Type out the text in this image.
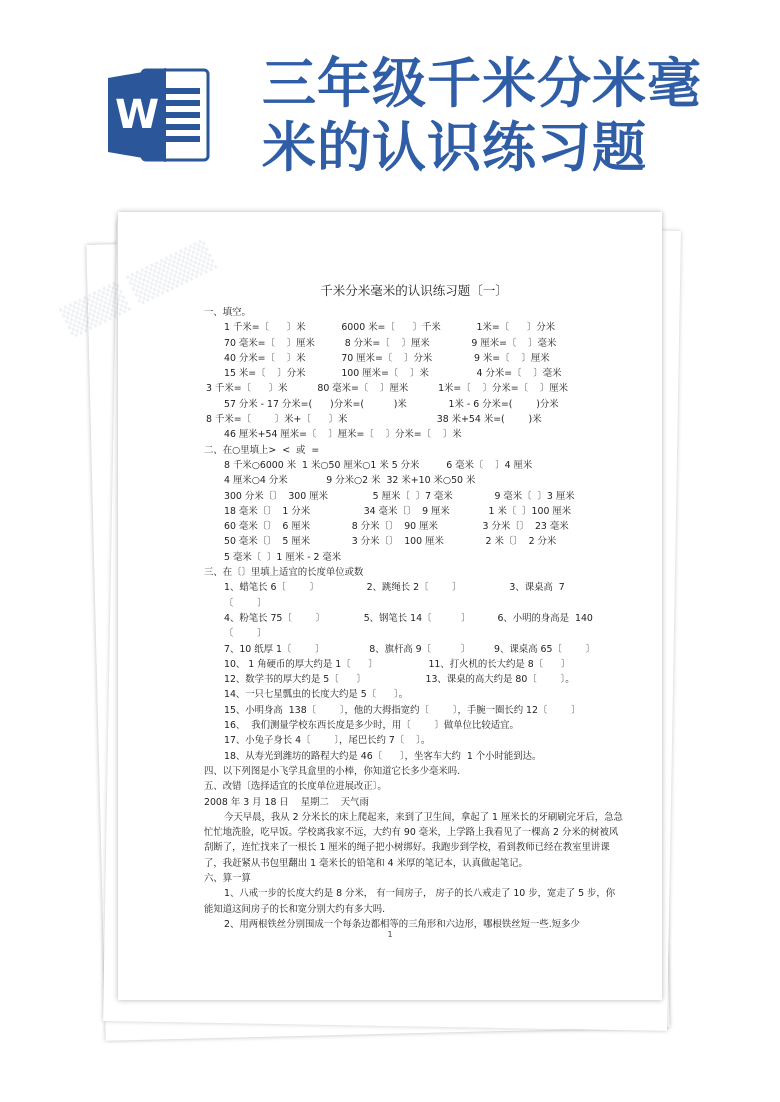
W 三年级千米分米毫
米的认识练习题
▒▒▒ ▒▒▒▒	千米分米毫米的认识练习题〔一〕
一、填空。
1 千米=〔      〕米            6000 米=〔      〕千米            1米=〔      〕分米
70 毫米=〔    〕厘米          8 分米=〔    〕厘米              9 厘米=〔    〕毫米
40 分米=〔    〕米            70 厘米=〔    〕分米              9 米=〔    〕厘米
15 米=〔    〕分米            100 厘米=〔    〕米                4 分米=〔    〕毫米
3 千米=〔      〕米          80 毫米=〔    〕厘米          1米=〔    〕分米=〔    〕厘米
57 分米 - 17 分米=(      )分米=(          )米              1米 - 6 分米=(        )分米
8 千米=〔        〕米+〔      〕米                              38 米+54 米=(        )米
46 厘米+54 厘米=〔    〕厘米=〔    〕分米=〔    〕米
二、在○里填上>  <  或  =
8 千米○6000 米  1 米○50 厘米○1 米 5 分米         6 毫米〔    〕4 厘米
4 厘米○4 分米             9 分米○2 米  32 米+10 米○50 米
300 分米〔〕  300 厘米               5 厘米〔  〕7 毫米              9 毫米〔  〕3 厘米
18 毫米〔〕  1 分米                  34 毫米〔〕  9 厘米             1 米〔  〕100 厘米
60 毫米〔〕  6 厘米              8 分米〔〕  90 厘米               3 分米〔〕  23 毫米
50 毫米〔〕  5 厘米              3 分米〔〕  100 厘米              2 米〔〕  2 分米
5 毫米〔  〕1 厘米 - 2 毫米
三、在〔〕里填上适宜的长度单位或数
1、蜡笔长 6〔        〕                2、跳绳长 2〔        〕                3、课桌高  7
〔        〕
4、粉笔长 75〔        〕             5、钢笔长 14〔          〕         6、小明的身高是  140
〔        〕
7、10 纸厚 1〔        〕               8、旗杆高 9〔          〕        9、课桌高 65〔        〕
10、 1 角硬币的厚大约是 1〔      〕                 11、打火机的长大约是 8〔      〕
12、数学书的厚大约是 5〔      〕                    13、课桌的高大约是 80〔        〕。
14、一只七星瓢虫的长度大约是 5〔      〕。
15、小明身高  138〔        〕，他的大拇指宽约〔        〕，手腕一圈长约 12〔        〕
16、  我们测量学校东西长度是多少时，用〔        〕做单位比较适宜。
17、小兔子身长 4〔        〕，尾巴长约 7〔    〕。
18、从寿光到潍坊的路程大约是 46〔      〕，坐客车大约  1 个小时能到达。
四、以下列图是小飞学具盒里的小棒，你知道它长多少毫米吗.
五、改错〔选择适宜的长度单位进展改正〕。
2008 年 3 月 18 日    星期二    天气雨
今天早晨，我从 2 分米长的床上爬起来，来到了卫生间，拿起了 1 厘米长的牙刷刷完牙后，急急忙忙地洗脸，吃早饭。学校离我家不远，大约有 90 毫米，上学路上我看见了一棵高 2 分米的树被风刮断了，连忙找来了一根长 1 厘米的绳子把小树绑好。我跑步到学校，看到教师已经在教室里讲课了，我赶紧从书包里翻出 1 毫米长的铅笔和 4 米厚的笔记本，认真做起笔记。
六、算一算
1、八戒一步的长度大约是 8 分米， 有一间房子， 房子的长八戒走了 10 步，宽走了 5 步，你能知道这间房子的长和宽分别大约有多大吗.
2、用两根铁丝分别围成一个每条边都相等的三角形和六边形，哪根铁丝短一些.短多少
1
